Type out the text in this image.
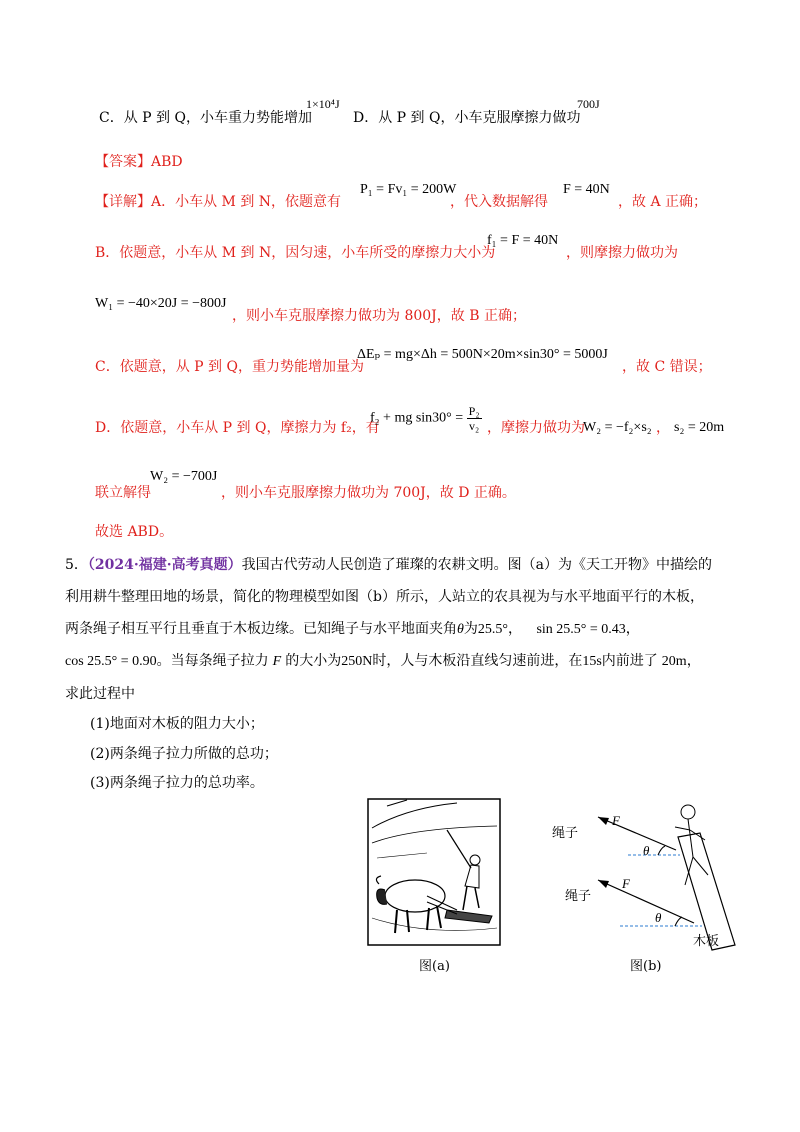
C．从 P 到 Q，小车重力势能增加
1×10⁴J
D．从 P 到 Q，小车克服摩擦力做功
700J
【答案】ABD
【详解】A．小车从 M 到 N，依题意有
P₁ = Fv₁ = 200W
，代入数据解得
F = 40N
，故 A 正确；
B．依题意，小车从 M 到 N，因匀速，小车所受的摩擦力大小为
f₁ = F = 40N
，则摩擦力做功为
W₁ = −40×20J = −800J
，则小车克服摩擦力做功为 800J，故 B 正确；
C．依题意，从 P 到 Q，重力势能增加量为
ΔEₚ = mg×Δh = 500N×20m×sin30° = 5000J
，故 C 错误；
D．依题意，小车从 P 到 Q，摩擦力为 f₂，有
f₂ + mg $\sin 30^\circ = \frac{\text{P₂}}{\text{v₂}}$ ，摩擦力做功为
W₂ = −f₂×s₂ ， s₂ = 20m
联立解得
W₂ = −700J
，则小车克服摩擦力做功为 700J，故 D 正确。
故选 ABD。
5．（2024·福建·高考真题）我国古代劳动人民创造了璀璨的农耕文明。图（a）为《天工开物》中描绘的
利用耕牛整理田地的场景，简化的物理模型如图（b）所示，人站立的农具视为与水平地面平行的木板，
两条绳子相互平行且垂直于木板边缘。已知绳子与水平地面夹角θ为25.5°， sin 25.5° = 0.43，
cos 25.5° = 0.90。当每条绳子拉力 F 的大小为250N时，人与木板沿直线匀速前进，在15s内前进了 20m，
求此过程中
(1)地面对木板的阻力大小；
(2)两条绳子拉力所做的总功；
(3)两条绳子拉力的总功率。
图(a)
绳子
绳子
F
F
θ
θ
木板
图(b)
